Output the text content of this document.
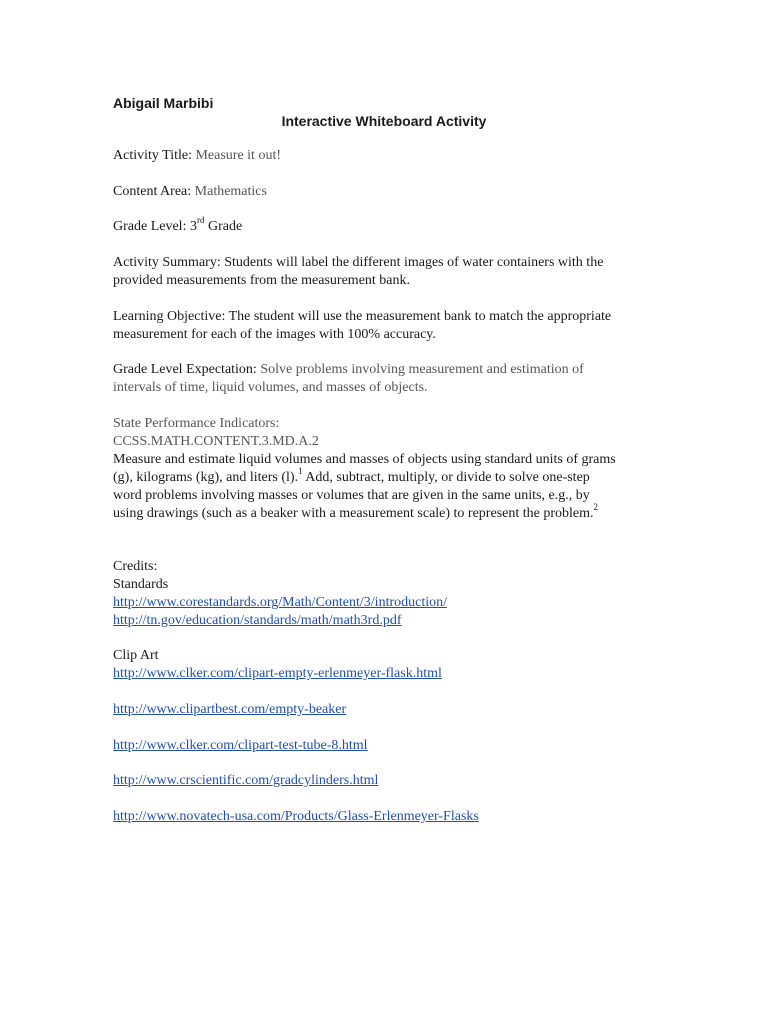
Abigail Marbibi
Interactive Whiteboard Activity
Activity Title: Measure it out!
Content Area: Mathematics
Grade Level: 3rd Grade
Activity Summary: Students will label the different images of water containers with the
provided measurements from the measurement bank.
Learning Objective: The student will use the measurement bank to match the appropriate
measurement for each of the images with 100% accuracy.
Grade Level Expectation: Solve problems involving measurement and estimation of
intervals of time, liquid volumes, and masses of objects.
State Performance Indicators:
CCSS.MATH.CONTENT.3.MD.A.2
Measure and estimate liquid volumes and masses of objects using standard units of grams
(g), kilograms (kg), and liters (l).$^1$ Add, subtract, multiply, or divide to solve one-step
word problems involving masses or volumes that are given in the same units, e.g., by
using drawings (such as a beaker with a measurement scale) to represent the problem.$^2$
Credits:
Standards
http://www.corestandards.org/Math/Content/3/introduction/
http://tn.gov/education/standards/math/math3rd.pdf
Clip Art
http://www.clker.com/clipart-empty-erlenmeyer-flask.html
http://www.clipartbest.com/empty-beaker
http://www.clker.com/clipart-test-tube-8.html
http://www.crscientific.com/gradcylinders.html
http://www.novatech-usa.com/Products/Glass-Erlenmeyer-Flasks
